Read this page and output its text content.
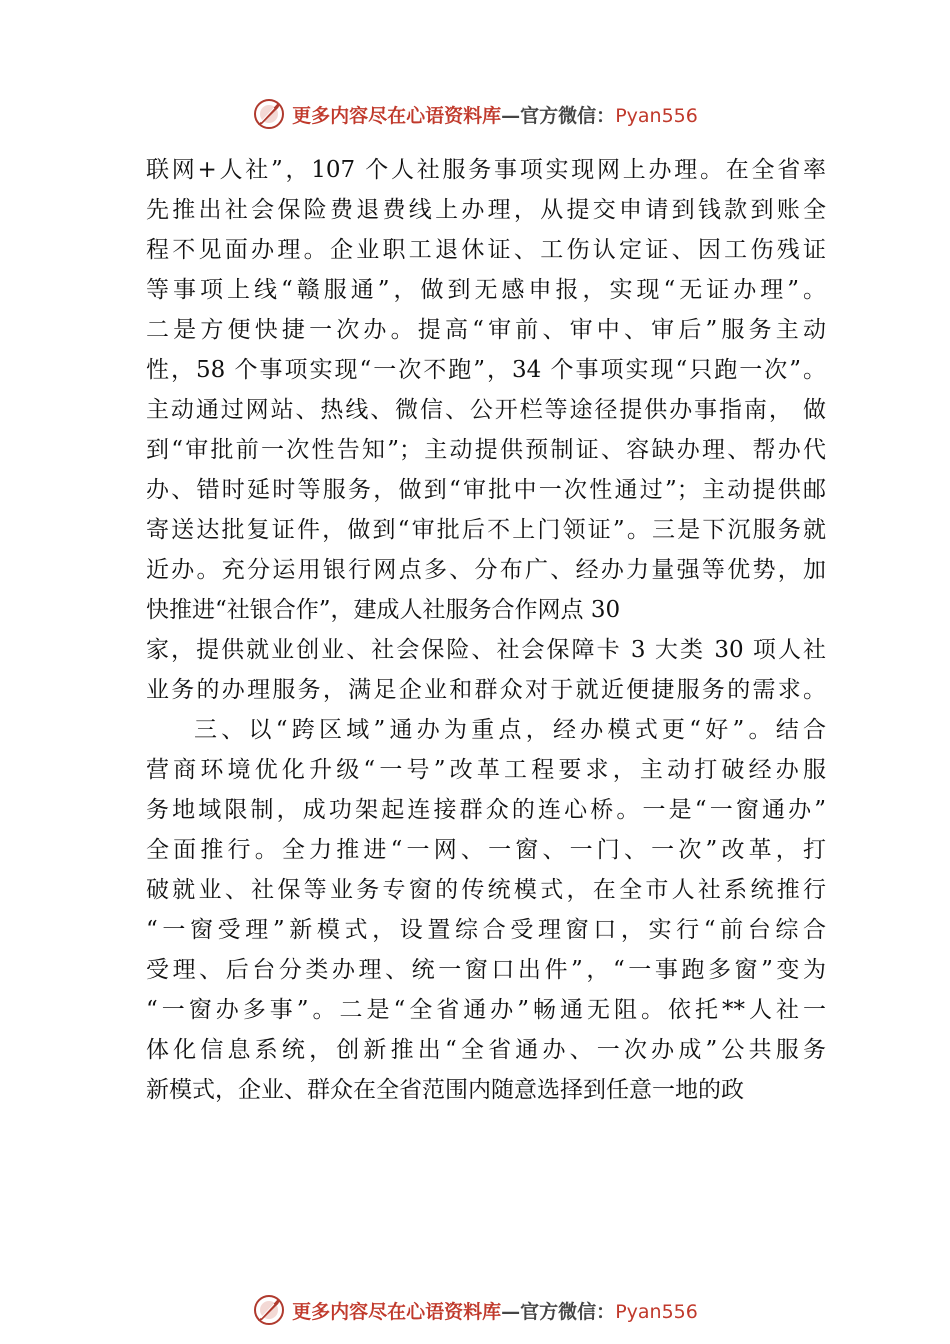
更多内容尽在心语资料库—官方微信：Pyan556
联网+人社”，107 个人社服务事项实现网上办理。在全省率
先推出社会保险费退费线上办理，从提交申请到钱款到账全
程不见面办理。企业职工退休证、工伤认定证、因工伤残证
等事项上线“赣服通”，做到无感申报，实现“无证办理”。
二是方便快捷一次办。提高“审前、审中、审后”服务主动
性，58 个事项实现“一次不跑”，34 个事项实现“只跑一次”。
主动通过网站、热线、微信、公开栏等途径提供办事指南， 做
到“审批前一次性告知”；主动提供预制证、容缺办理、帮办代
办、错时延时等服务，做到“审批中一次性通过”；主动提供邮
寄送达批复证件，做到“审批后不上门领证”。三是下沉服务就
近办。充分运用银行网点多、分布广、经办力量强等优势，加
快推进“社银合作”，建成人社服务合作网点 30
家，提供就业创业、社会保险、社会保障卡 3 大类 30 项人社
业务的办理服务，满足企业和群众对于就近便捷服务的需求。
三、以“跨区域”通办为重点，经办模式更“好”。结合
营商环境优化升级“一号”改革工程要求，主动打破经办服
务地域限制，成功架起连接群众的连心桥。一是“一窗通办”
全面推行。全力推进“一网、一窗、一门、一次”改革，打
破就业、社保等业务专窗的传统模式，在全市人社系统推行
“一窗受理”新模式，设置综合受理窗口，实行“前台综合
受理、后台分类办理、统一窗口出件”，“一事跑多窗”变为
“一窗办多事”。二是“全省通办”畅通无阻。依托**人社一
体化信息系统，创新推出“全省通办、一次办成”公共服务
新模式，企业、群众在全省范围内随意选择到任意一地的政
更多内容尽在心语资料库—官方微信：Pyan556
